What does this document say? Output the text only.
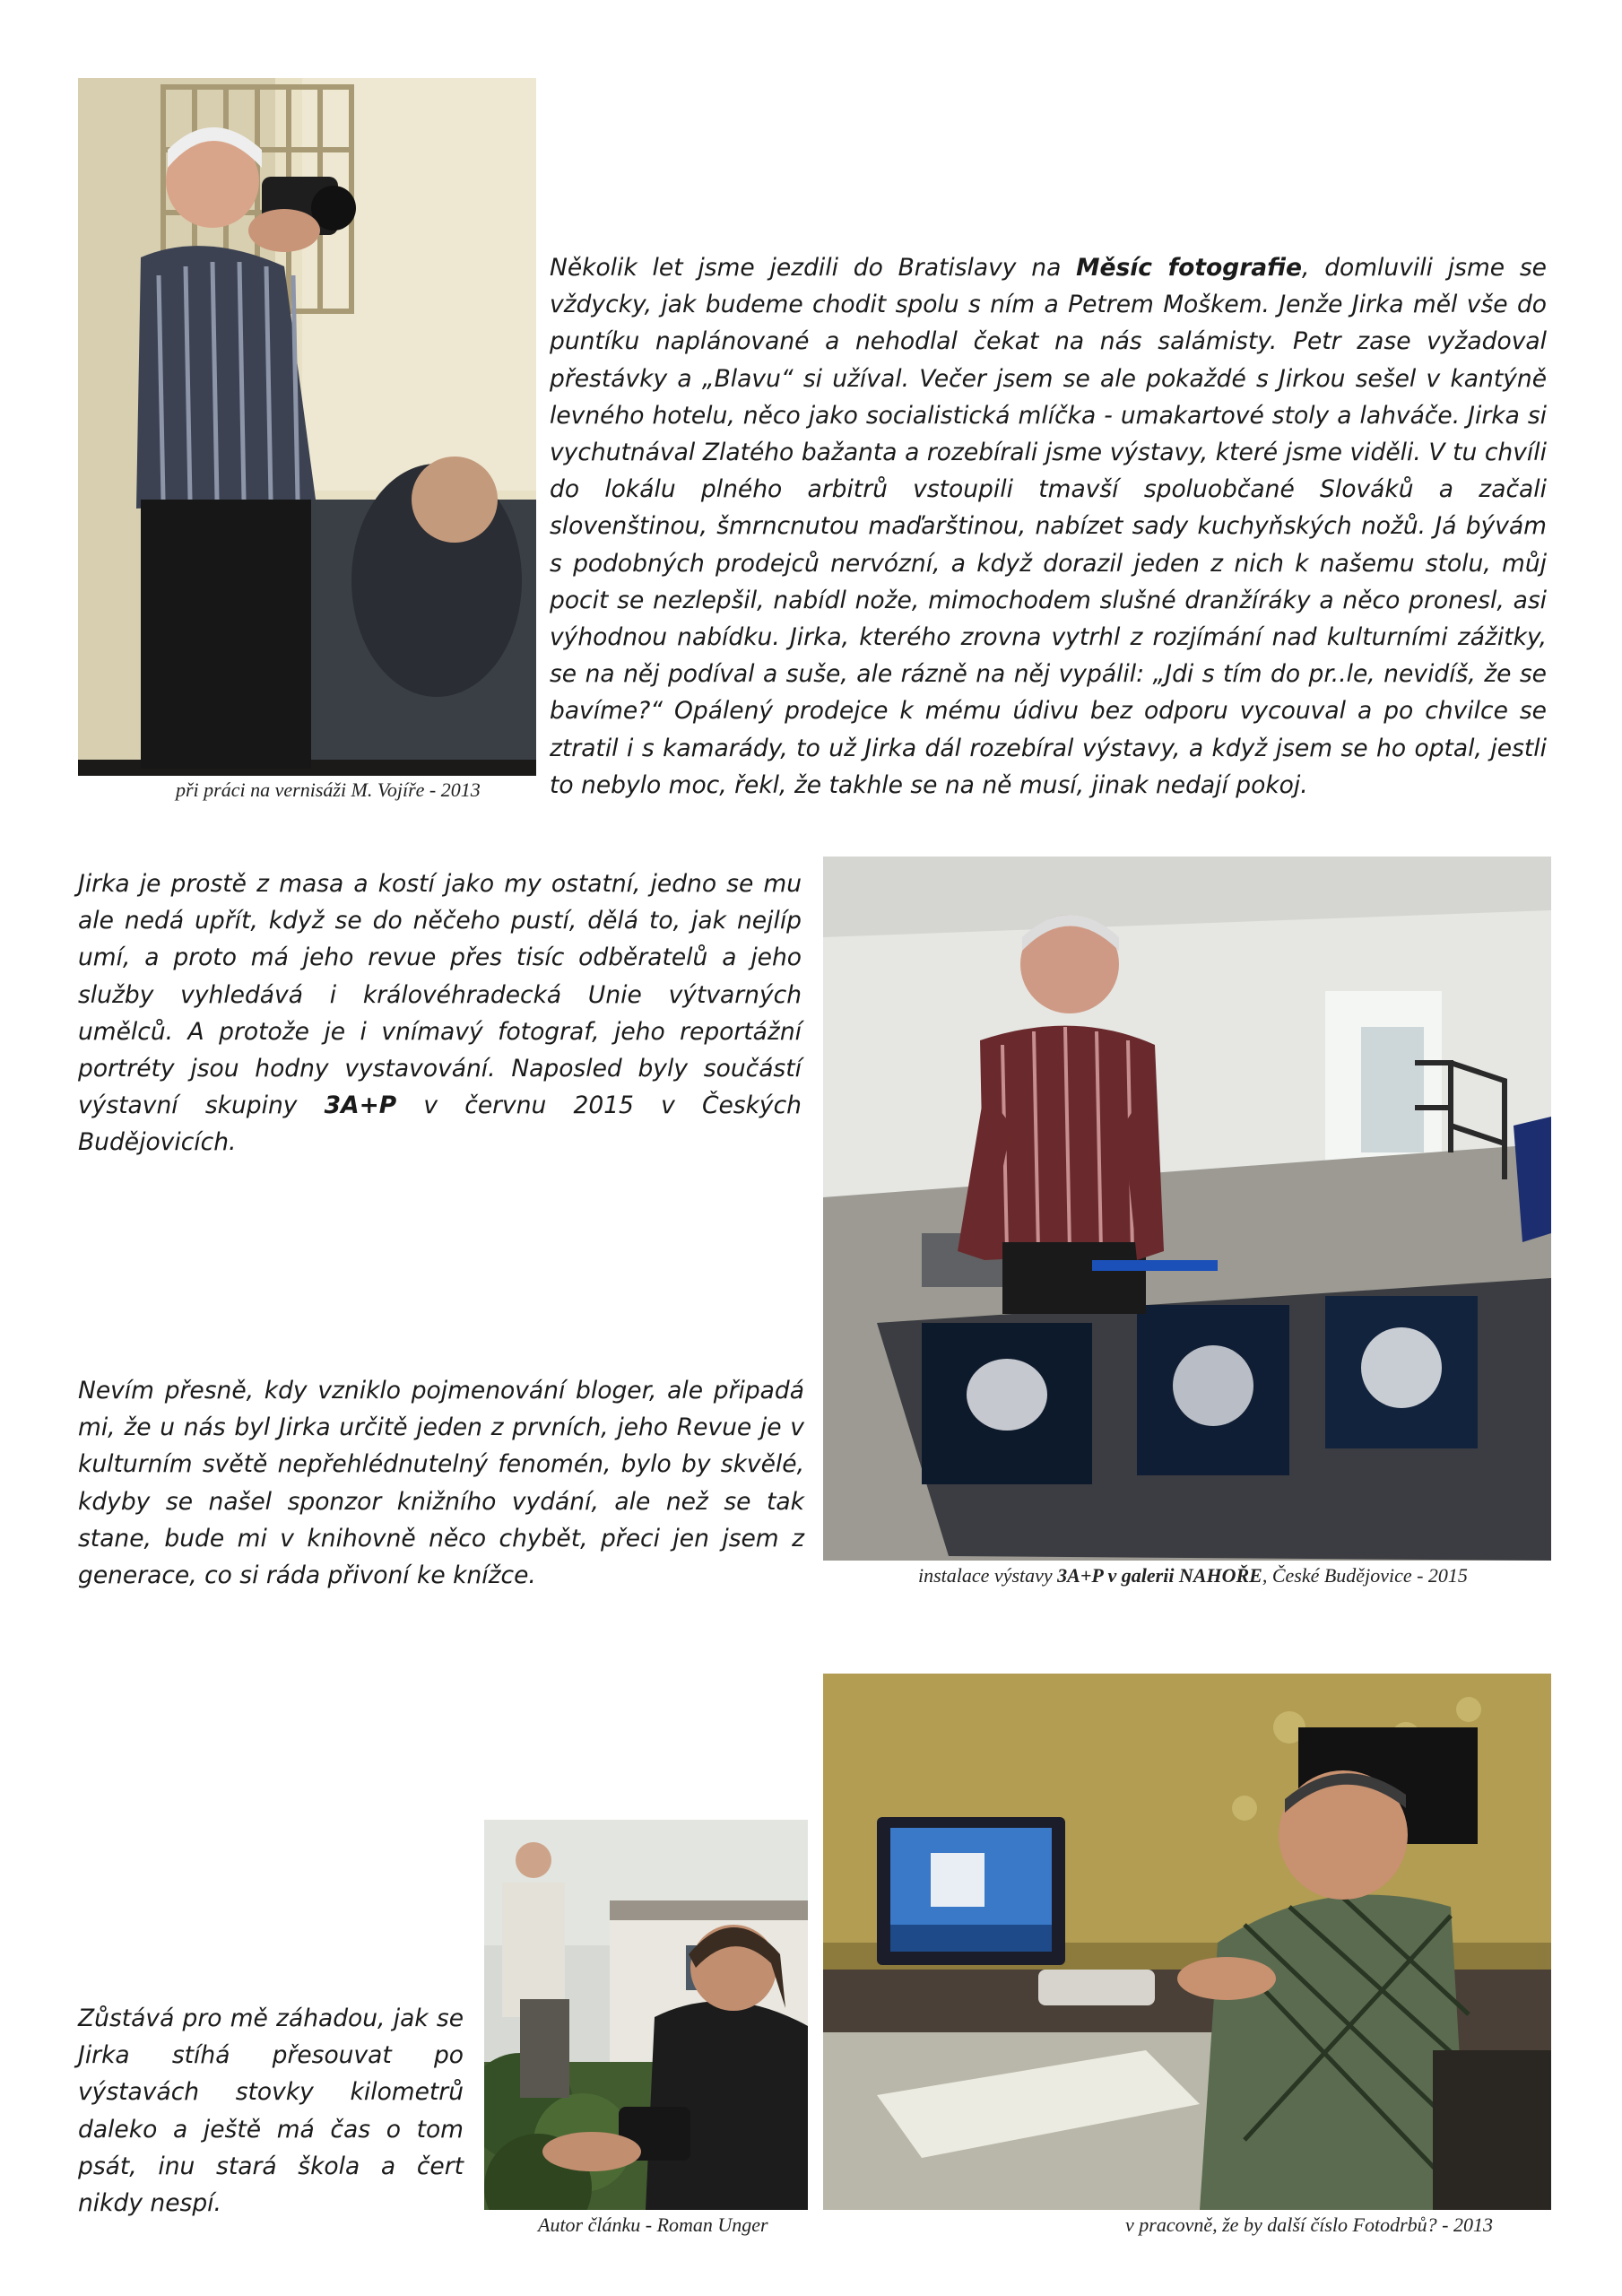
při práci na vernisáži M. Vojíře - 2013
Několik let jsme jezdili do Bratislavy na Měsíc fotografie, domluvili jsme se vždycky, jak budeme chodit spolu s ním a Petrem Moškem. Jenže Jirka měl vše do puntíku naplánované a nehodlal čekat na nás salámisty. Petr zase vyžadoval přestávky a „Blavu“ si užíval. Večer jsem se ale pokaždé s Jirkou sešel v kantýně levného hotelu, něco jako socialistická mlíčka - umakartové stoly a lahváče. Jirka si vychutnával Zlatého bažanta a rozebírali jsme výstavy, které jsme viděli. V tu chvíli do lokálu plného arbitrů vstoupili tmavší spoluobčané Slováků a začali slovenštinou, šmrncnutou maďarštinou, nabízet sady kuchyňských nožů. Já bývám s podobných prodejců nervózní, a když dorazil jeden z nich k našemu stolu, můj pocit se nezlepšil, nabídl nože, mimochodem slušné dranžíráky a něco pronesl, asi výhodnou nabídku. Jirka, kterého zrovna vytrhl z rozjímání nad kulturními zážitky, se na něj podíval a suše, ale rázně na něj vypálil: „Jdi s tím do pr..le, nevidíš, že se bavíme?“ Opálený prodejce k mému údivu bez odporu vycouval a po chvilce se ztratil i s kamarády, to už Jirka dál rozebíral výstavy, a když jsem se ho optal, jestli to nebylo moc, řekl, že takhle se na ně musí, jinak nedají pokoj.
Jirka je prostě z masa a kostí jako my ostatní, jedno se mu ale nedá upřít, když se do něčeho pustí, dělá to, jak nejlíp umí, a proto má jeho revue přes tisíc odběratelů a jeho služby vyhledává i královéhradecká Unie výtvarných umělců. A protože je i vnímavý fotograf, jeho reportážní portréty jsou hodny vystavování. Naposled byly součástí výstavní skupiny 3A+P v červnu 2015 v Českých Budějovicích.
instalace výstavy 3A+P v galerii NAHOŘE, České Budějovice - 2015
Nevím přesně, kdy vzniklo pojmenování bloger, ale připadá mi, že u nás byl Jirka určitě jeden z prvních, jeho Revue je v kulturním světě nepřehlédnutelný fenomén, bylo by skvělé, kdyby se našel sponzor knižního vydání, ale než se tak stane, bude mi v knihovně něco chybět, přeci jen jsem z generace, co si ráda přivoní ke knížce.
Autor článku - Roman Unger	v pracovně, že by další číslo Fotodrbů? - 2013
Zůstává pro mě záhadou, jak se Jirka stíhá přesouvat po výstavách stovky kilometrů daleko a ještě má čas o tom psát, inu stará škola a čert nikdy nespí.
